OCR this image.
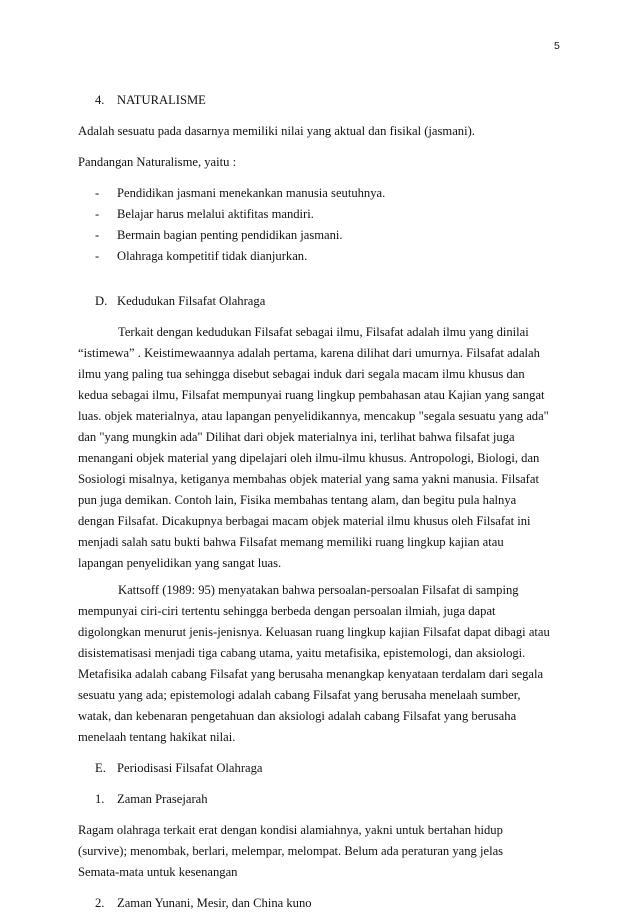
5

4. NATURALISME

Adalah sesuatu pada dasarnya memiliki nilai yang aktual dan fisikal (jasmani).

Pandangan Naturalisme, yaitu :

- Pendidikan jasmani menekankan manusia seutuhnya.
- Belajar harus melalui aktifitas mandiri.
- Bermain bagian penting pendidikan jasmani.
- Olahraga kompetitif tidak dianjurkan.

D. Kedudukan Filsafat Olahraga

Terkait dengan kedudukan Filsafat sebagai ilmu, Filsafat adalah ilmu yang dinilai
“istimewa” . Keistimewaannya adalah pertama, karena dilihat dari umurnya. Filsafat adalah
ilmu yang paling tua sehingga disebut sebagai induk dari segala macam ilmu khusus dan
kedua sebagai ilmu, Filsafat mempunyai ruang lingkup pembahasan atau Kajian yang sangat
luas. objek materialnya, atau lapangan penyelidikannya, mencakup "segala sesuatu yang ada"
dan "yang mungkin ada" Dilihat dari objek materialnya ini, terlihat bahwa filsafat juga
menangani objek material yang dipelajari oleh ilmu-ilmu khusus. Antropologi, Biologi, dan
Sosiologi misalnya, ketiganya membahas objek material yang sama yakni manusia. Filsafat
pun juga demikan. Contoh lain, Fisika membahas tentang alam, dan begitu pula halnya
dengan Filsafat. Dicakupnya berbagai macam objek material ilmu khusus oleh Filsafat ini
menjadi salah satu bukti bahwa Filsafat memang memiliki ruang lingkup kajian atau
lapangan penyelidikan yang sangat luas.

Kattsoff (1989: 95) menyatakan bahwa persoalan-persoalan Filsafat di samping
mempunyai ciri-ciri tertentu sehingga berbeda dengan persoalan ilmiah, juga dapat
digolongkan menurut jenis-jenisnya. Keluasan ruang lingkup kajian Filsafat dapat dibagi atau
disistematisasi menjadi tiga cabang utama, yaitu metafisika, epistemologi, dan aksiologi.
Metafisika adalah cabang Filsafat yang berusaha menangkap kenyataan terdalam dari segala
sesuatu yang ada; epistemologi adalah cabang Filsafat yang berusaha menelaah sumber,
watak, dan kebenaran pengetahuan dan aksiologi adalah cabang Filsafat yang berusaha
menelaah tentang hakikat nilai.

E. Periodisasi Filsafat Olahraga

1. Zaman Prasejarah

Ragam olahraga terkait erat dengan kondisi alamiahnya, yakni untuk bertahan hidup
(survive); menombak, berlari, melempar, melompat. Belum ada peraturan yang jelas
Semata-mata untuk kesenangan

2. Zaman Yunani, Mesir, dan China kuno
